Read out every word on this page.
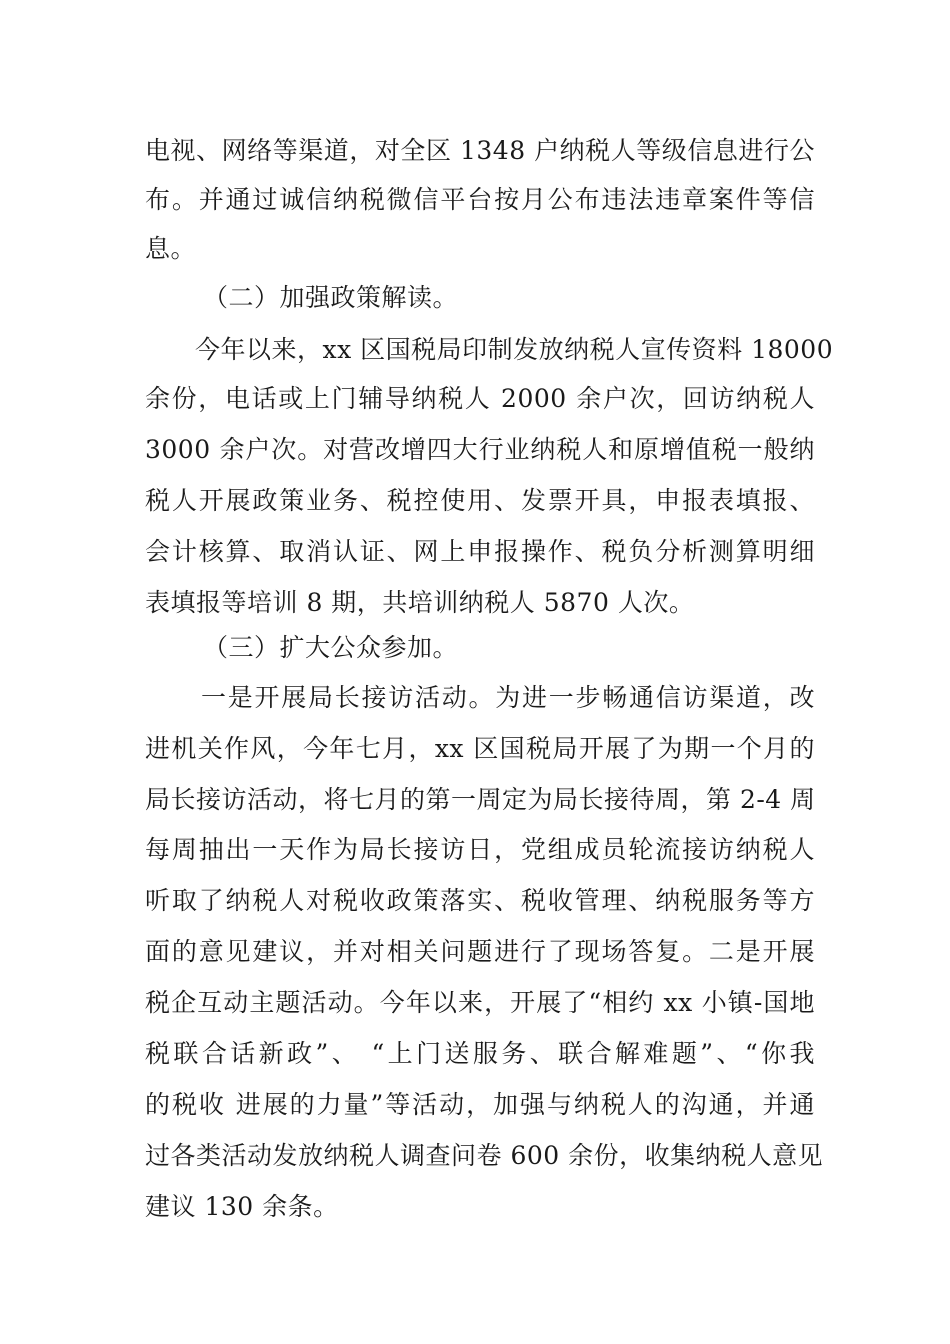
电视、网络等渠道，对全区 1348 户纳税人等级信息进行公
布。并通过诚信纳税微信平台按月公布违法违章案件等信
息。
（二）加强政策解读。
今年以来，xx 区国税局印制发放纳税人宣传资料 18000
余份，电话或上门辅导纳税人 2000 余户次，回访纳税人
3000 余户次。对营改增四大行业纳税人和原增值税一般纳
税人开展政策业务、税控使用、发票开具，申报表填报、
会计核算、取消认证、网上申报操作、税负分析测算明细
表填报等培训 8 期，共培训纳税人 5870 人次。
（三）扩大公众参加。
一是开展局长接访活动。为进一步畅通信访渠道，改
进机关作风，今年七月，xx 区国税局开展了为期一个月的
局长接访活动，将七月的第一周定为局长接待周，第 2-4 周
每周抽出一天作为局长接访日，党组成员轮流接访纳税人
听取了纳税人对税收政策落实、税收管理、纳税服务等方
面的意见建议，并对相关问题进行了现场答复。二是开展
税企互动主题活动。今年以来，开展了“相约 xx 小镇-国地
税联合话新政”、 “上门送服务、联合解难题”、“你我
的税收 进展的力量”等活动，加强与纳税人的沟通，并通
过各类活动发放纳税人调查问卷 600 余份，收集纳税人意见
建议 130 余条。
